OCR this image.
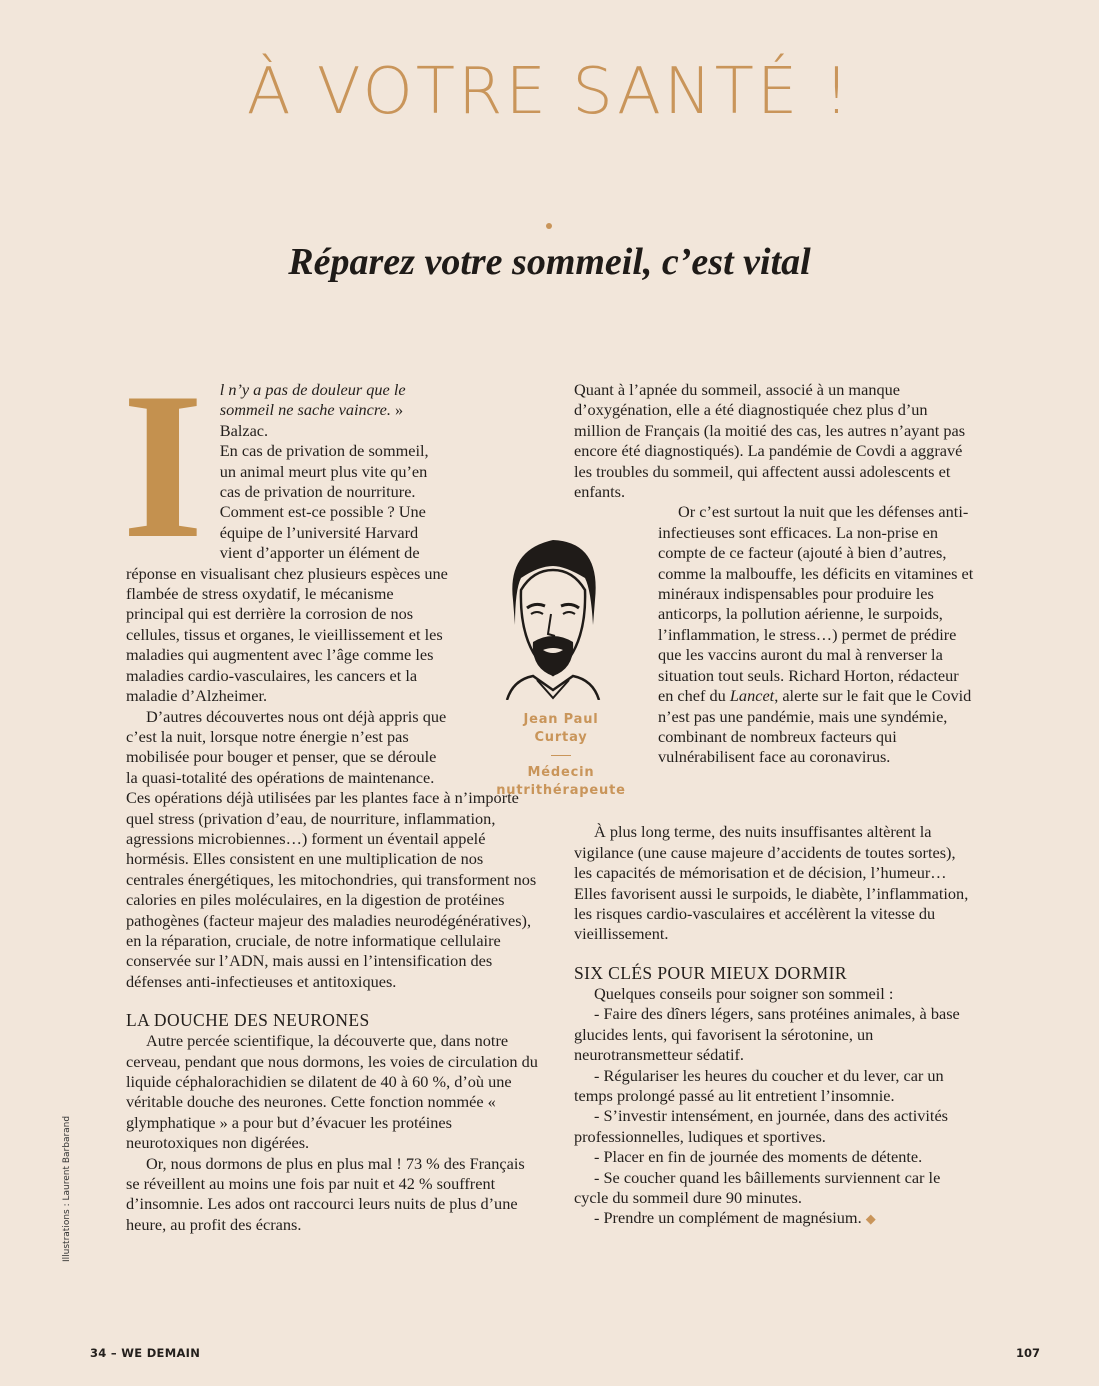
À VOTRE SANTÉ !
Réparez votre sommeil, c’est vital
I l n’y a pas de douleur que le sommeil ne sache vaincre. » Balzac.

En cas de privation de sommeil, un animal meurt plus vite qu’en cas de privation de nourriture. Comment est-ce possible ? Une équipe de l’université Harvard vient d’apporter un élément de réponse en visualisant chez plusieurs espèces une flambée de stress oxydatif, le mécanisme principal qui est derrière la corrosion de nos cellules, tissus et organes, le vieillissement et les maladies qui augmentent avec l’âge comme les maladies cardio-vasculaires, les cancers et la maladie d’Alzheimer.

D’autres découvertes nous ont déjà appris que c’est la nuit, lorsque notre énergie n’est pas mobilisée pour bouger et penser, que se déroule la quasi-totalité des opérations de maintenance. Ces opérations déjà utilisées par les plantes face à n’importe quel stress (privation d’eau, de nourriture, inflammation, agressions microbiennes…) forment un éventail appelé hormésis. Elles consistent en une multiplication de nos centrales énergétiques, les mitochondries, qui transforment nos calories en piles moléculaires, en la digestion de protéines pathogènes (facteur majeur des maladies neurodégénératives), en la réparation, cruciale, de notre informatique cellulaire conservée sur l’ADN, mais aussi en l’intensification des défenses anti-infectieuses et antitoxiques.

LA DOUCHE DES NEURONES

Autre percée scientifique, la découverte que, dans notre cerveau, pendant que nous dormons, les voies de circulation du liquide céphalorachidien se dilatent de 40 à 60 %, d’où une véritable douche des neurones. Cette fonction nommée « glymphatique » a pour but d’évacuer les protéines neurotoxiques non digérées.

Or, nous dormons de plus en plus mal ! 73 % des Français se réveillent au moins une fois par nuit et 42 % souffrent d’insomnie. Les ados ont raccourci leurs nuits de plus d’une heure, au profit des écrans.

Jean Paul
Curtay
Médecin
nutrithérapeute

Quant à l’apnée du sommeil, associé à un manque d’oxygénation, elle a été diagnostiquée chez plus d’un million de Français (la moitié des cas, les autres n’ayant pas encore été diagnostiqués). La pandémie de Covdi a aggravé les troubles du sommeil, qui affectent aussi adolescents et enfants.

Or c’est surtout la nuit que les défenses anti-infectieuses sont efficaces. La non-prise en compte de ce facteur (ajouté à bien d’autres, comme la malbouffe, les déficits en vitamines et minéraux indispensables pour produire les anticorps, la pollution aérienne, le surpoids, l’inflammation, le stress…) permet de prédire que les vaccins auront du mal à renverser la situation tout seuls. Richard Horton, rédacteur en chef du Lancet, alerte sur le fait que le Covid n’est pas une pandémie, mais une syndémie, combinant de nombreux facteurs qui vulnérabilisent face au coronavirus.

À plus long terme, des nuits insuffisantes altèrent la vigilance (une cause majeure d’accidents de toutes sortes), les capacités de mémorisation et de décision, l’humeur… Elles favorisent aussi le surpoids, le diabète, l’inflammation, les risques cardio-vasculaires et accélèrent la vitesse du vieillissement.

SIX CLÉS POUR MIEUX DORMIR

Quelques conseils pour soigner son sommeil :

- Faire des dîners légers, sans protéines animales, à base glucides lents, qui favorisent la sérotonine, un neurotransmetteur sédatif.

- Régulariser les heures du coucher et du lever, car un temps prolongé passé au lit entretient l’insomnie.

- S’investir intensément, en journée, dans des activités professionnelles, ludiques et sportives.

- Placer en fin de journée des moments de détente.

- Se coucher quand les bâillements surviennent car le cycle du sommeil dure 90 minutes.

- Prendre un complément de magnésium. ◆

Illustrations : Laurent Barbarand
34 – WE DEMAIN	107
